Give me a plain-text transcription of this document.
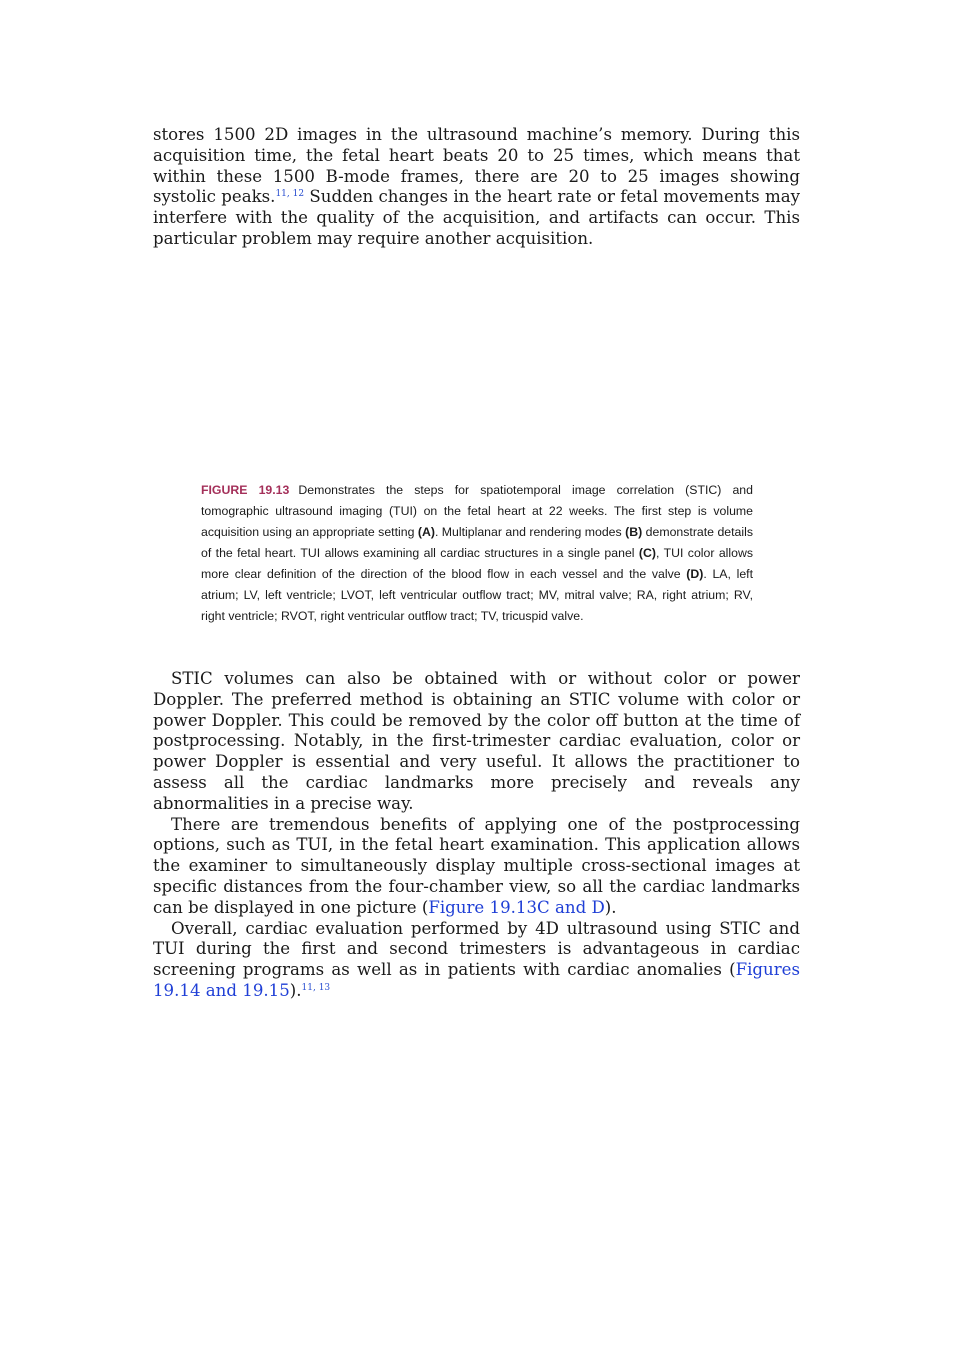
stores 1500 2D images in the ultrasound machine’s memory. During this acquisition time, the fetal heart beats 20 to 25 times, which means that within these 1500 B-mode frames, there are 20 to 25 images showing systolic peaks.$^{11, 12}$ Sudden changes in the heart rate or fetal movements may interfere with the quality of the acquisition, and artifacts can occur. This particular problem may require another acquisition.

FIGURE 19.13 Demonstrates the steps for spatiotemporal image correlation (STIC) and tomographic ultrasound imaging (TUI) on the fetal heart at 22 weeks. The first step is volume acquisition using an appropriate setting (A). Multiplanar and rendering modes (B) demonstrate details of the fetal heart. TUI allows examining all cardiac structures in a single panel (C), TUI color allows more clear definition of the direction of the blood flow in each vessel and the valve (D). LA, left atrium; LV, left ventricle; LVOT, left ventricular outflow tract; MV, mitral valve; RA, right atrium; RV, right ventricle; RVOT, right ventricular outflow tract; TV, tricuspid valve.

STIC volumes can also be obtained with or without color or power Doppler. The preferred method is obtaining an STIC volume with color or power Doppler. This could be removed by the color off button at the time of postprocessing. Notably, in the first-trimester cardiac evaluation, color or power Doppler is essential and very useful. It allows the practitioner to assess all the cardiac landmarks more precisely and reveals any abnormalities in a precise way.

There are tremendous benefits of applying one of the postprocessing options, such as TUI, in the fetal heart examination. This application allows the examiner to simultaneously display multiple cross-sectional images at specific distances from the four-chamber view, so all the cardiac landmarks can be displayed in one picture (Figure 19.13C and D).

Overall, cardiac evaluation performed by 4D ultrasound using STIC and TUI during the first and second trimesters is advantageous in cardiac screening programs as well as in patients with cardiac anomalies (Figures 19.14 and 19.15).$^{11, 13}$
